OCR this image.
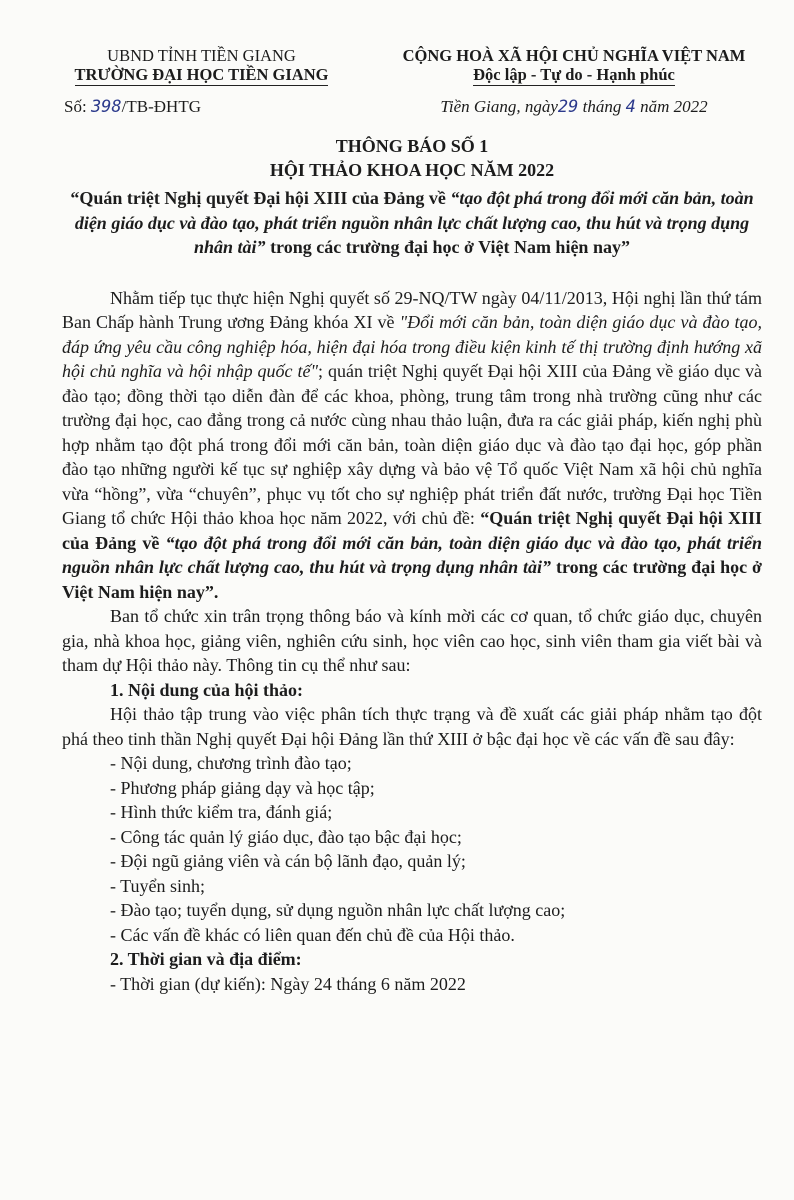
UBND TỈNH TIỀN GIANG
TRƯỜNG ĐẠI HỌC TIỀN GIANG
Số: 398/TB-ĐHTG
CỘNG HOÀ XÃ HỘI CHỦ NGHĨA VIỆT NAM
Độc lập - Tự do - Hạnh phúc
Tiền Giang, ngày29 tháng 4 năm 2022
THÔNG BÁO SỐ 1
HỘI THẢO KHOA HỌC NĂM 2022
“Quán triệt Nghị quyết Đại hội XIII của Đảng về “tạo đột phá trong đổi mới căn bản, toàn diện giáo dục và đào tạo, phát triển nguồn nhân lực chất lượng cao, thu hút và trọng dụng nhân tài” trong các trường đại học ở Việt Nam hiện nay”
Nhằm tiếp tục thực hiện Nghị quyết số 29-NQ/TW ngày 04/11/2013, Hội nghị lần thứ tám Ban Chấp hành Trung ương Đảng khóa XI về "Đổi mới căn bản, toàn diện giáo dục và đào tạo, đáp ứng yêu cầu công nghiệp hóa, hiện đại hóa trong điều kiện kinh tế thị trường định hướng xã hội chủ nghĩa và hội nhập quốc tế"; quán triệt Nghị quyết Đại hội XIII của Đảng về giáo dục và đào tạo; đồng thời tạo diễn đàn để các khoa, phòng, trung tâm trong nhà trường cũng như các trường đại học, cao đẳng trong cả nước cùng nhau thảo luận, đưa ra các giải pháp, kiến nghị phù hợp nhằm tạo đột phá trong đổi mới căn bản, toàn diện giáo dục và đào tạo đại học, góp phần đào tạo những người kế tục sự nghiệp xây dựng và bảo vệ Tổ quốc Việt Nam xã hội chủ nghĩa vừa “hồng”, vừa “chuyên”, phục vụ tốt cho sự nghiệp phát triển đất nước, trường Đại học Tiền Giang tổ chức Hội thảo khoa học năm 2022, với chủ đề: “Quán triệt Nghị quyết Đại hội XIII của Đảng về “tạo đột phá trong đổi mới căn bản, toàn diện giáo dục và đào tạo, phát triển nguồn nhân lực chất lượng cao, thu hút và trọng dụng nhân tài” trong các trường đại học ở Việt Nam hiện nay”.
Ban tổ chức xin trân trọng thông báo và kính mời các cơ quan, tổ chức giáo dục, chuyên gia, nhà khoa học, giảng viên, nghiên cứu sinh, học viên cao học, sinh viên tham gia viết bài và tham dự Hội thảo này. Thông tin cụ thể như sau:
1. Nội dung của hội thảo:
Hội thảo tập trung vào việc phân tích thực trạng và đề xuất các giải pháp nhằm tạo đột phá theo tinh thần Nghị quyết Đại hội Đảng lần thứ XIII ở bậc đại học về các vấn đề sau đây:
- Nội dung, chương trình đào tạo;
- Phương pháp giảng dạy và học tập;
- Hình thức kiểm tra, đánh giá;
- Công tác quản lý giáo dục, đào tạo bậc đại học;
- Đội ngũ giảng viên và cán bộ lãnh đạo, quản lý;
- Tuyển sinh;
- Đào tạo; tuyển dụng, sử dụng nguồn nhân lực chất lượng cao;
- Các vấn đề khác có liên quan đến chủ đề của Hội thảo.
2. Thời gian và địa điểm:
- Thời gian (dự kiến): Ngày 24 tháng 6 năm 2022
